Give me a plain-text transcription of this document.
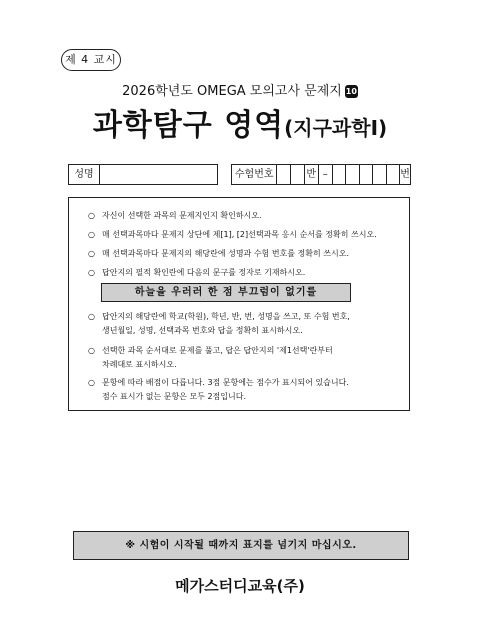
제 4 교시
2026학년도 OMEGA 모의고사 문제지 10
과학탐구 영역(지구과학Ⅰ)
성명	수험번호	반 –	번
○ 자신이 선택한 과목의 문제지인지 확인하시오.
○ 매 선택과목마다 문제지 상단에 제[1], [2]선택과목 응시 순서를 정확히 쓰시오.
○ 매 선택과목마다 문제지의 해당란에 성명과 수험 번호를 정확히 쓰시오.
○ 답안지의 필적 확인란에 다음의 문구를 정자로 기재하시오.
하늘을 우러러 한 점 부끄럼이 없기를
○ 답안지의 해당란에 학교(학원), 학년, 반, 번, 성명을 쓰고, 또 수험 번호,
생년월일, 성명, 선택과목 번호와 답을 정확히 표시하시오.
○ 선택한 과목 순서대로 문제를 풀고, 답은 답안지의 '제1선택'란부터
차례대로 표시하시오.
○ 문항에 따라 배점이 다릅니다. 3점 문항에는 점수가 표시되어 있습니다.
점수 표시가 없는 문항은 모두 2점입니다.
※ 시험이 시작될 때까지 표지를 넘기지 마십시오.
메가스터디교육(주)
